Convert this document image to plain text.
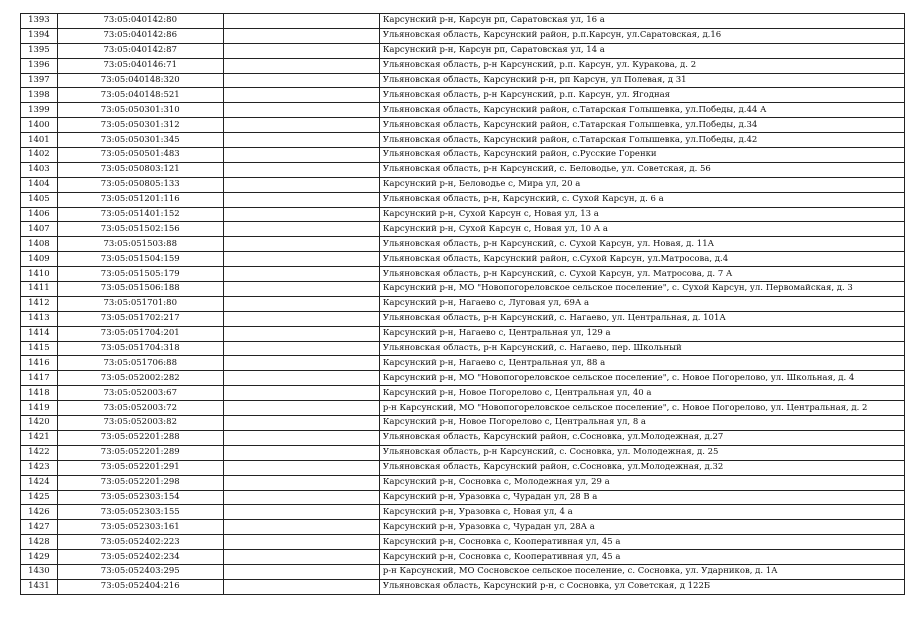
1393	73:05:040142:80		Карсунский р-н, Карсун рп, Саратовская ул, 16 а
1394	73:05:040142:86		Ульяновская область, Карсунский район, р.п.Карсун, ул.Саратовская, д.16
1395	73:05:040142:87		Карсунский р-н, Карсун рп, Саратовская ул, 14 а
1396	73:05:040146:71		Ульяновская область, р-н Карсунский, р.п. Карсун, ул. Куракова, д. 2
1397	73:05:040148:320		Ульяновская область, Карсунский р-н, рп Карсун, ул Полевая, д 31
1398	73:05:040148:521		Ульяновская область, р-н Карсунский, р.п. Карсун, ул. Ягодная
1399	73:05:050301:310		Ульяновская область, Карсунский район, с.Татарская Голышевка, ул.Победы, д.44 А
1400	73:05:050301:312		Ульяновская область, Карсунский район, с.Татарская Голышевка, ул.Победы, д.34
1401	73:05:050301:345		Ульяновская область, Карсунский район, с.Татарская Голышевка, ул.Победы, д.42
1402	73:05:050501:483		Ульяновская область, Карсунский район, с.Русские Горенки
1403	73:05:050803:121		Ульяновская область, р-н Карсунский, с. Беловодье, ул. Советская, д. 56
1404	73:05:050805:133		Карсунский р-н, Беловодье с, Мира ул, 20 а
1405	73:05:051201:116		Ульяновская область, р-н, Карсунский, с. Сухой Карсун, д. 6 а
1406	73:05:051401:152		Карсунский р-н, Сухой Карсун с, Новая ул, 13 а
1407	73:05:051502:156		Карсунский р-н, Сухой Карсун с, Новая ул, 10 А а
1408	73:05:051503:88		Ульяновская область, р-н Карсунский, с. Сухой Карсун, ул. Новая, д. 11А
1409	73:05:051504:159		Ульяновская область, Карсунский район, с.Сухой Карсун, ул.Матросова, д.4
1410	73:05:051505:179		Ульяновская область, р-н Карсунский, с. Сухой Карсун, ул. Матросова, д. 7 А
1411	73:05:051506:188		Карсунский р-н, МО "Новопогореловское сельское поселение", с. Сухой Карсун, ул. Первомайская, д. 3
1412	73:05:051701:80		Карсунский р-н, Нагаево с, Луговая ул, 69А а
1413	73:05:051702:217		Ульяновская область, р-н Карсунский, с. Нагаево, ул. Центральная, д. 101А
1414	73:05:051704:201		Карсунский р-н, Нагаево с, Центральная ул, 129 а
1415	73:05:051704:318		Ульяновская область, р-н Карсунский, с. Нагаево, пер. Школьный
1416	73:05:051706:88		Карсунский р-н, Нагаево с, Центральная ул, 88 а
1417	73:05:052002:282		Карсунский р-н, МО "Новопогореловское сельское поселение", с. Новое Погорелово, ул. Школьная, д. 4
1418	73:05:052003:67		Карсунский р-н, Новое Погорелово с, Центральная ул, 40 а
1419	73:05:052003:72		р-н Карсунский, МО "Новопогореловское сельское поселение", с. Новое Погорелово, ул. Центральная, д. 2
1420	73:05:052003:82		Карсунский р-н, Новое Погорелово с, Центральная ул, 8 а
1421	73:05:052201:288		Ульяновская область, Карсунский район, с.Сосновка, ул.Молодежная, д.27
1422	73:05:052201:289		Ульяновская область, р-н Карсунский, с. Сосновка, ул. Молодежная, д. 25
1423	73:05:052201:291		Ульяновская область, Карсунский район, с.Сосновка, ул.Молодежная, д.32
1424	73:05:052201:298		Карсунский р-н, Сосновка с, Молодежная ул, 29 а
1425	73:05:052303:154		Карсунский р-н, Уразовка с, Чурадан ул, 28 В а
1426	73:05:052303:155		Карсунский р-н, Уразовка с, Новая ул, 4 а
1427	73:05:052303:161		Карсунский р-н, Уразовка с, Чурадан ул, 28А а
1428	73:05:052402:223		Карсунский р-н, Сосновка с, Кооперативная ул, 45 а
1429	73:05:052402:234		Карсунский р-н, Сосновка с, Кооперативная ул, 45 а
1430	73:05:052403:295		р-н Карсунский, МО Сосновское сельское поселение, с. Сосновка, ул. Ударников, д. 1А
1431	73:05:052404:216		Ульяновская область, Карсунский р-н, с Сосновка, ул Советская, д 122Б
